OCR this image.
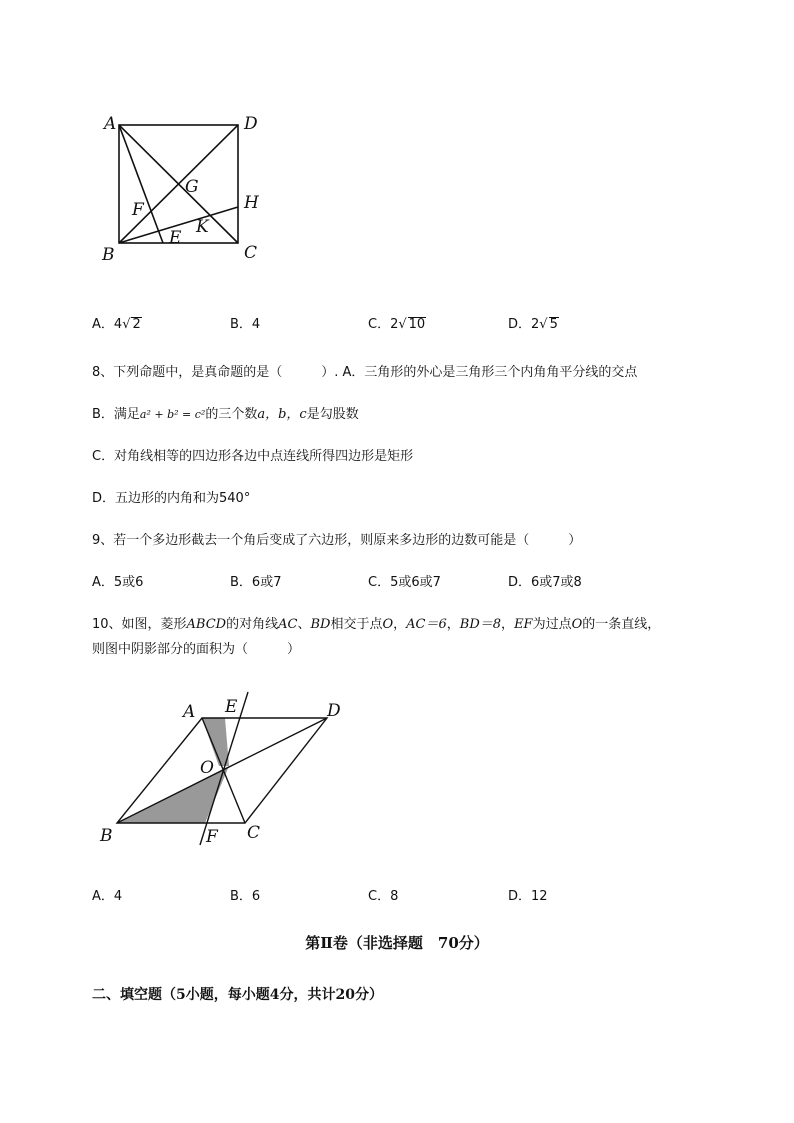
A	D
G
F	H
K
E
B	C
A．4√ 2	B．4	C．2√ 10	D．2√ 5
8、下列命题中，是真命题的是（　　　）. A．三角形的外心是三角形三个内角角平分线的交点
B．满足a² + b² = c²的三个数a，b，c是勾股数
C．对角线相等的四边形各边中点连线所得四边形是矩形
D．五边形的内角和为540°
9、若一个多边形截去一个角后变成了六边形，则原来多边形的边数可能是（　　　）
A．5或6	B．6或7	C．5或6或7	D．6或7或8
10、如图，菱形ABCD的对角线AC、BD相交于点O，AC＝6，BD＝8，EF为过点O的一条直线，
则图中阴影部分的面积为（　　　）
A E	D
O
B	F C
A．4	B．6	C．8	D．12
第Ⅱ卷（非选择题　70分）
二、填空题（5小题，每小题4分，共计20分）
